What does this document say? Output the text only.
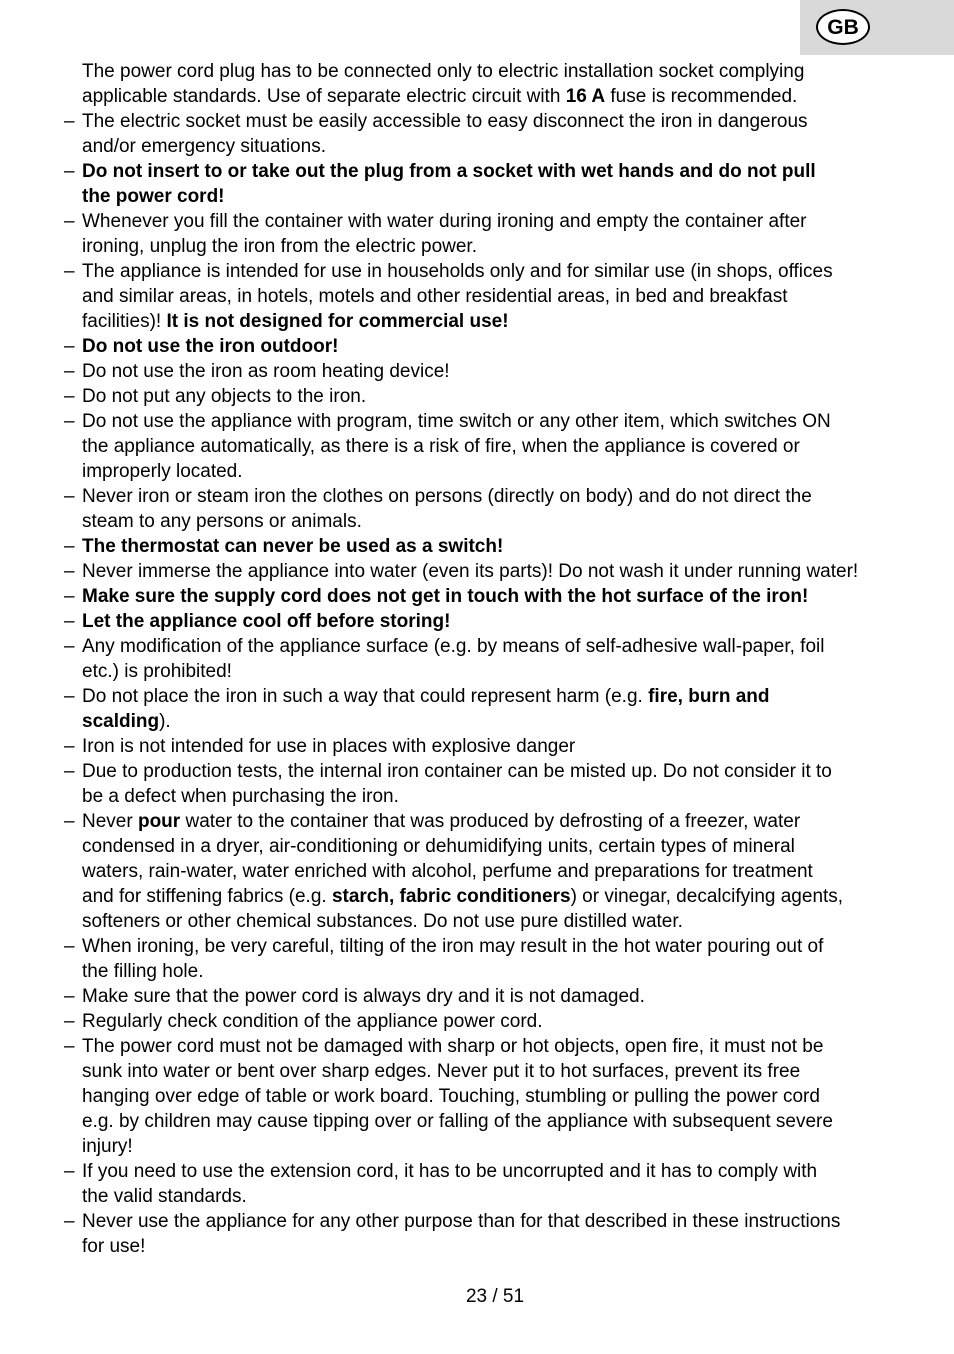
GB
The power cord plug has to be connected only to electric installation socket complying
applicable standards. Use of separate electric circuit with 16 A fuse is recommended.
– The electric socket must be easily accessible to easy disconnect the iron in dangerous
and/or emergency situations.
– Do not insert to or take out the plug from a socket with wet hands and do not pull
the power cord!
– Whenever you fill the container with water during ironing and empty the container after
ironing, unplug the iron from the electric power.
– The appliance is intended for use in households only and for similar use (in shops, offices
and similar areas, in hotels, motels and other residential areas, in bed and breakfast
facilities)! It is not designed for commercial use!
– Do not use the iron outdoor!
– Do not use the iron as room heating device!
– Do not put any objects to the iron.
– Do not use the appliance with program, time switch or any other item, which switches ON
the appliance automatically, as there is a risk of fire, when the appliance is covered or
improperly located.
– Never iron or steam iron the clothes on persons (directly on body) and do not direct the
steam to any persons or animals.
– The thermostat can never be used as a switch!
– Never immerse the appliance into water (even its parts)! Do not wash it under running water!
– Make sure the supply cord does not get in touch with the hot surface of the iron!
– Let the appliance cool off before storing!
– Any modification of the appliance surface (e.g. by means of self-adhesive wall-paper, foil
etc.) is prohibited!
– Do not place the iron in such a way that could represent harm (e.g. fire, burn and
scalding).
– Iron is not intended for use in places with explosive danger
– Due to production tests, the internal iron container can be misted up. Do not consider it to
be a defect when purchasing the iron.
– Never pour water to the container that was produced by defrosting of a freezer, water
condensed in a dryer, air-conditioning or dehumidifying units, certain types of mineral
waters, rain-water, water enriched with alcohol, perfume and preparations for treatment
and for stiffening fabrics (e.g. starch, fabric conditioners) or vinegar, decalcifying agents,
softeners or other chemical substances. Do not use pure distilled water.
– When ironing, be very careful, tilting of the iron may result in the hot water pouring out of
the filling hole.
– Make sure that the power cord is always dry and it is not damaged.
– Regularly check condition of the appliance power cord.
– The power cord must not be damaged with sharp or hot objects, open fire, it must not be
sunk into water or bent over sharp edges. Never put it to hot surfaces, prevent its free
hanging over edge of table or work board. Touching, stumbling or pulling the power cord
e.g. by children may cause tipping over or falling of the appliance with subsequent severe
injury!
– If you need to use the extension cord, it has to be uncorrupted and it has to comply with
the valid standards.
– Never use the appliance for any other purpose than for that described in these instructions
for use!
23 / 51
